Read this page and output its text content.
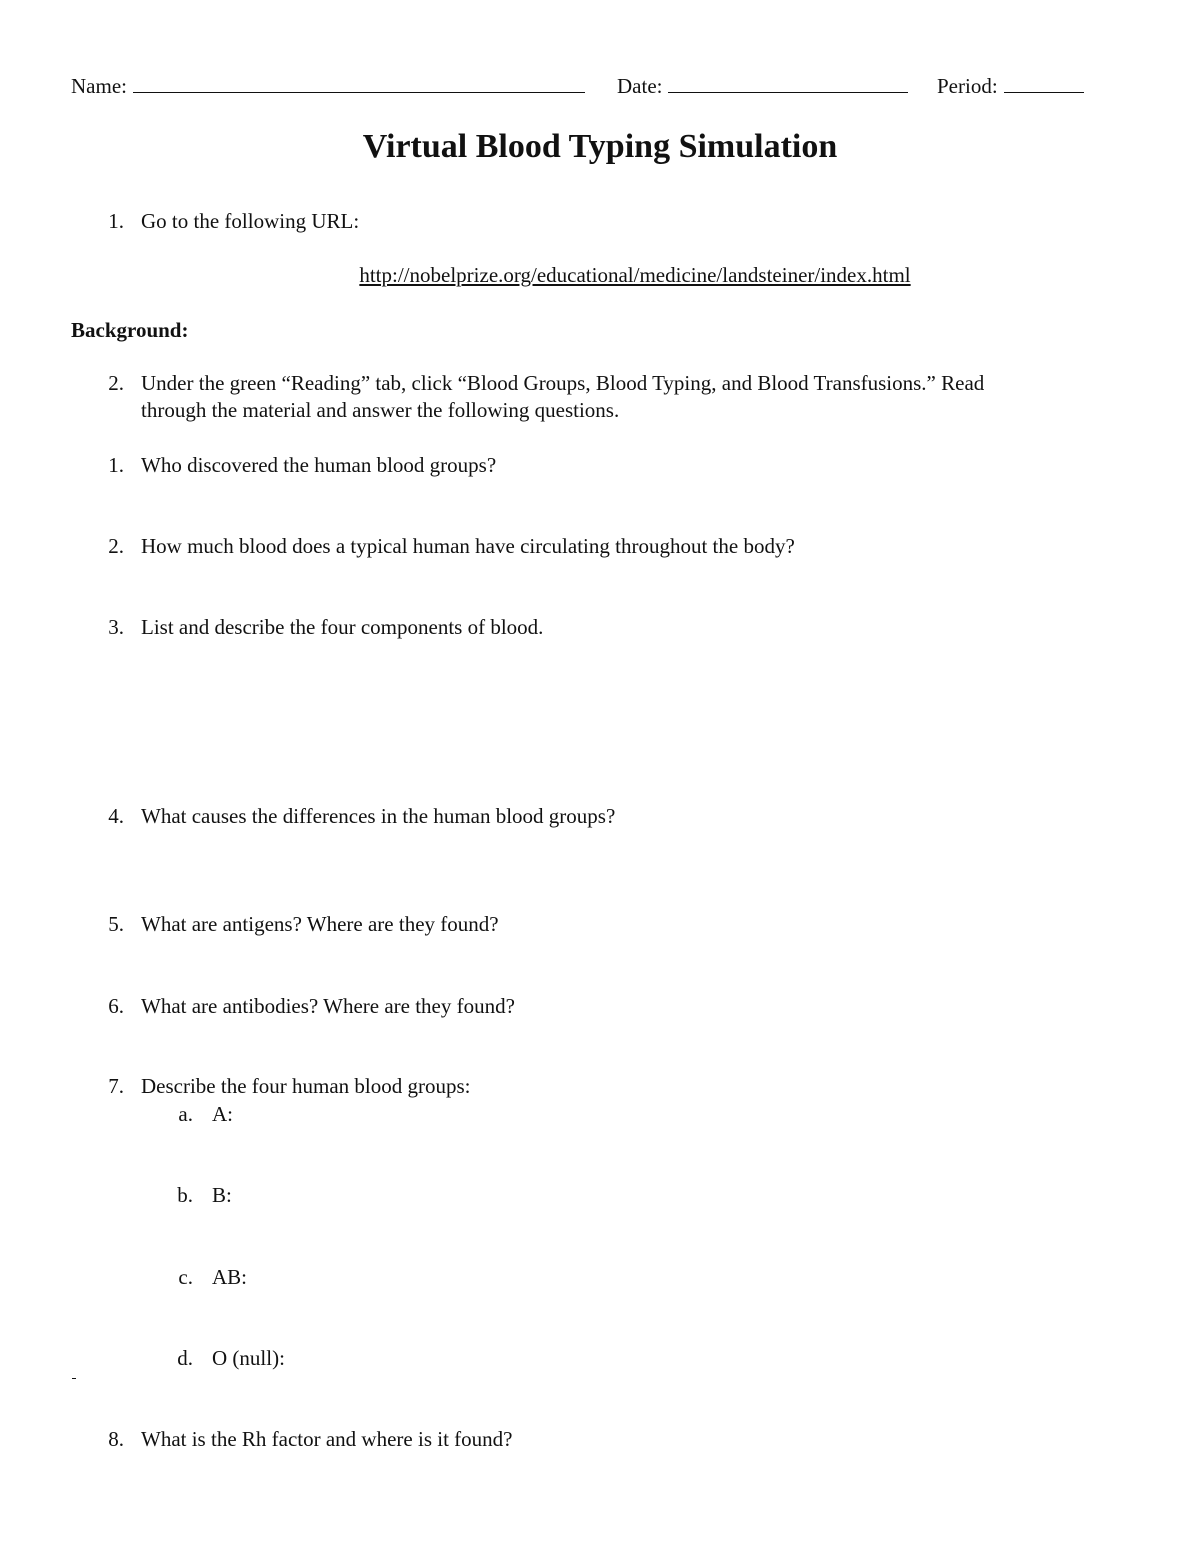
Name:	Date:	Period:
Virtual Blood Typing Simulation
1. Go to the following URL:
http://nobelprize.org/educational/medicine/landsteiner/index.html
Background:
2. Under the green “Reading” tab, click “Blood Groups, Blood Typing, and Blood Transfusions.” Read
through the material and answer the following questions.
1. Who discovered the human blood groups?
2. How much blood does a typical human have circulating throughout the body?
3. List and describe the four components of blood.
4. What causes the differences in the human blood groups?
5. What are antigens? Where are they found?
6. What are antibodies? Where are they found?
7. Describe the four human blood groups:
a. A:
b. B:
c. AB:
d. O (null):
8. What is the Rh factor and where is it found?
